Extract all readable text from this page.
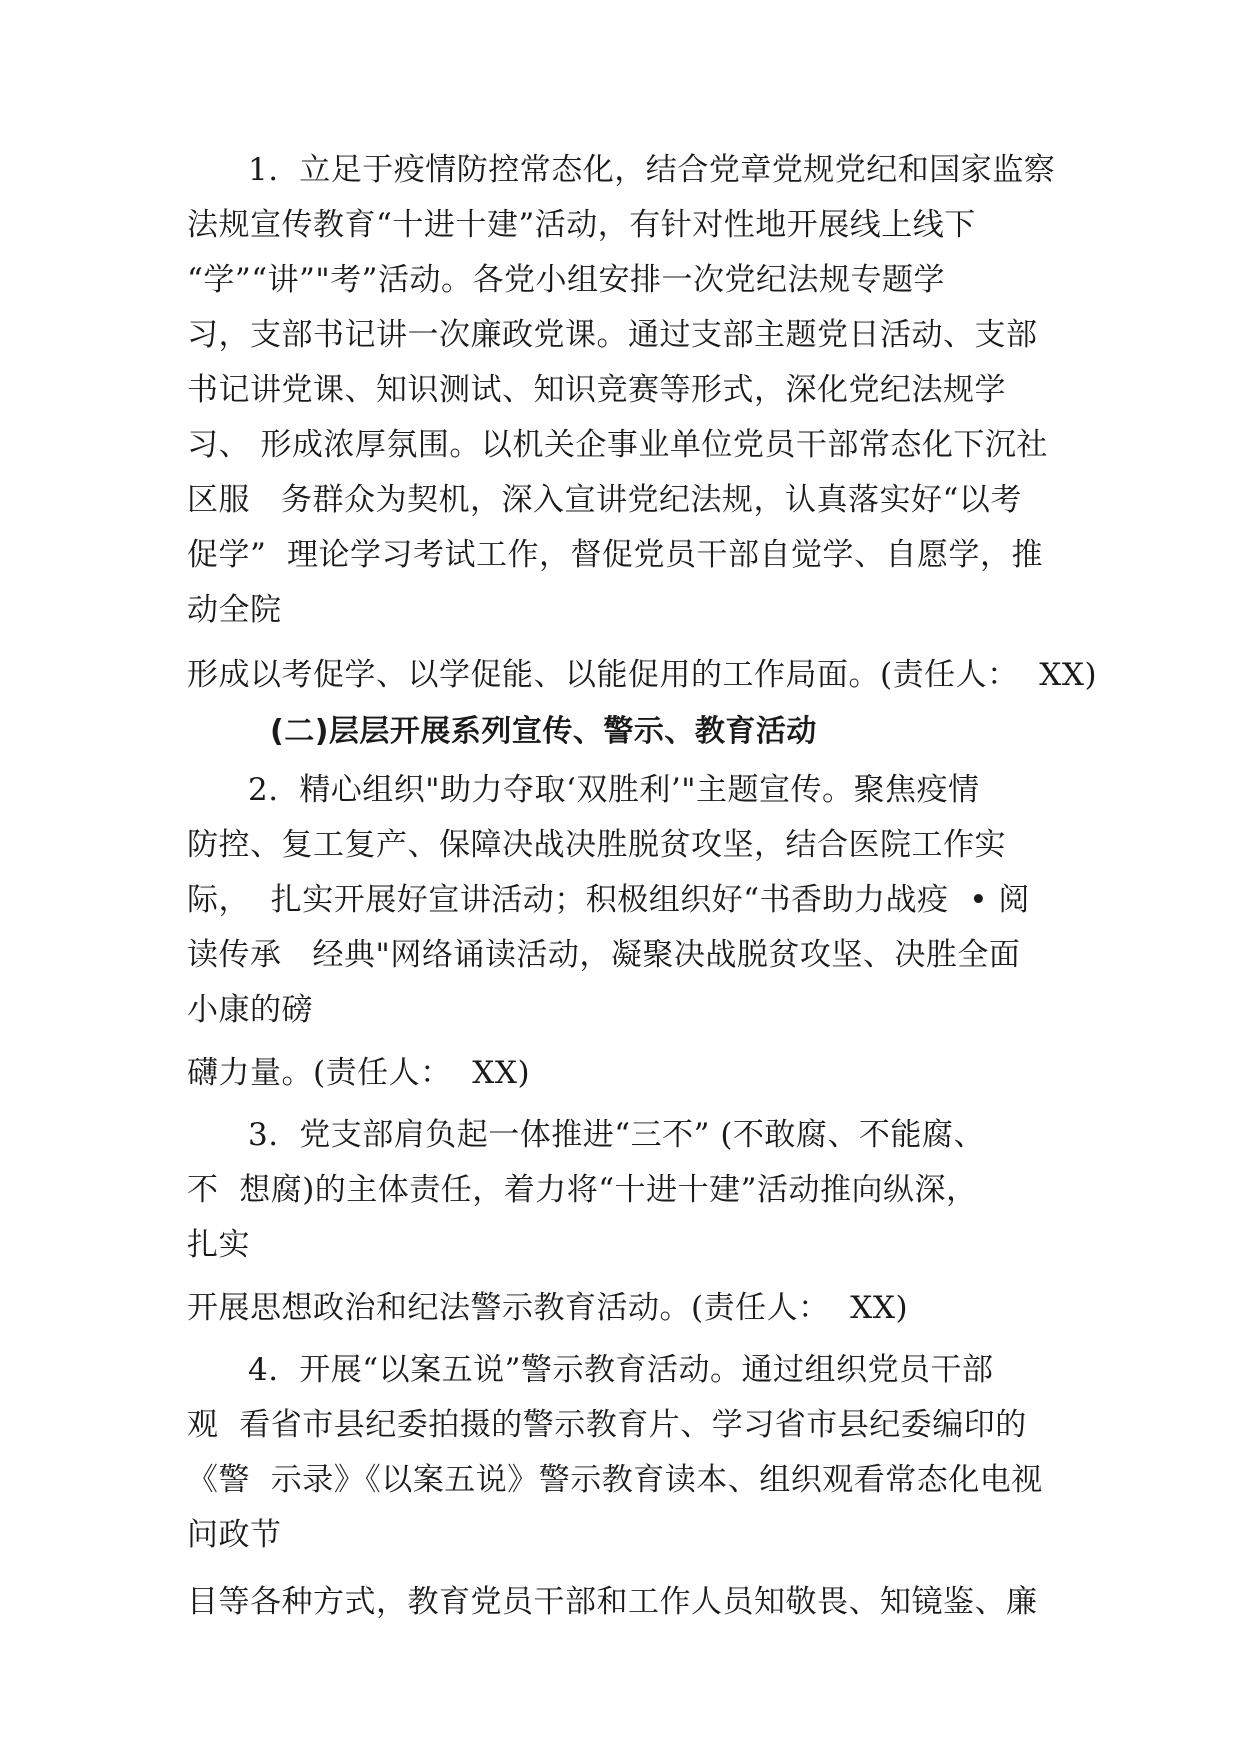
1.  立足于疫情防控常态化，结合党章党规党纪和国家监察
法规宣传教育“十进十建”活动，有针对性地开展线上线下
“学”“讲”"考”活动。各党小组安排一次党纪法规专题学
习，支部书记讲一次廉政党课。通过支部主题党日活动、支部
书记讲党课、知识测试、知识竞赛等形式，深化党纪法规学
习、 形成浓厚氛围。以机关企事业单位党员干部常态化下沉社
区服   务群众为契机，深入宣讲党纪法规，认真落实好“以考
促学”  理论学习考试工作，督促党员干部自觉学、自愿学，推
动全院
形成以考促学、以学促能、以能促用的工作局面。(责任人：  XX)
(二)层层开展系列宣传、警示、教育活动
2.  精心组织"助力夺取‘双胜利’"主题宣传。聚焦疫情
防控、复工复产、保障决战决胜脱贫攻坚，结合医院工作实
际，  扎实开展好宣讲活动；积极组织好“书香助力战疫  • 阅
读传承   经典"网络诵读活动，凝聚决战脱贫攻坚、决胜全面
小康的磅
礴力量。(责任人：  XX)
3.  党支部肩负起一体推进“三不” (不敢腐、不能腐、
不  想腐)的主体责任，着力将“十进十建”活动推向纵深，
扎实
开展思想政治和纪法警示教育活动。(责任人：  XX)
4.  开展“以案五说”警示教育活动。通过组织党员干部
观  看省市县纪委拍摄的警示教育片、学习省市县纪委编印的
《警  示录》《以案五说》警示教育读本、组织观看常态化电视
问政节
目等各种方式，教育党员干部和工作人员知敬畏、知镜鉴、廉
